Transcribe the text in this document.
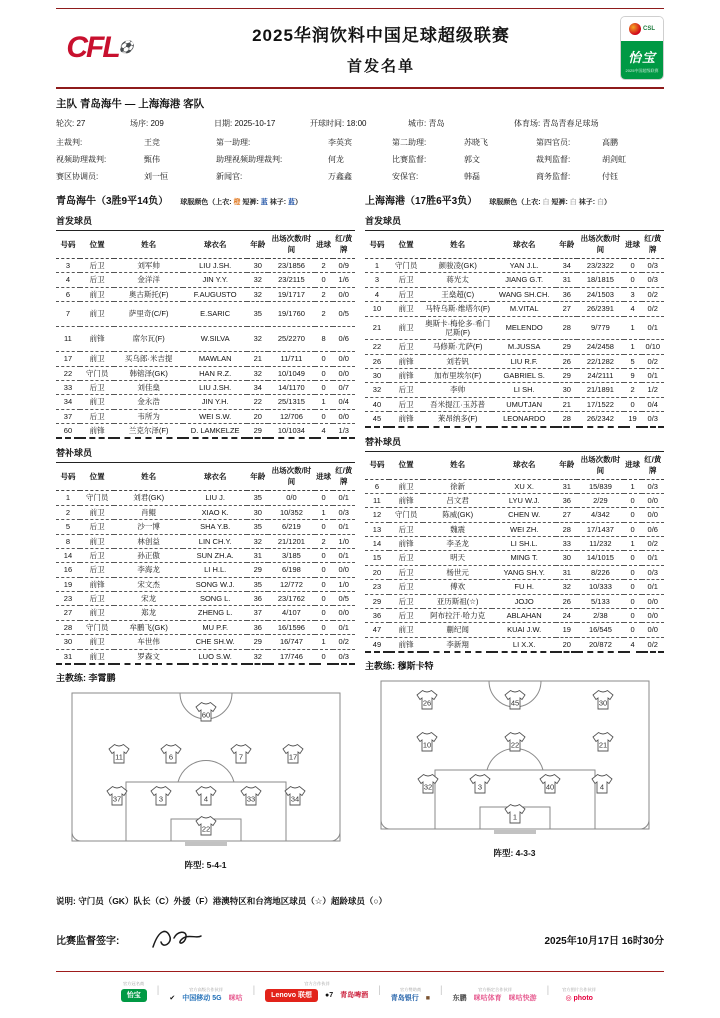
CFL⚽
2025华润饮料中国足球超级联赛
首发名单
CSL
怡宝
2025中国超级联赛
主队 青岛海牛 — 上海海港 客队
轮次: 27	场序: 209	日期: 2025-10-17	开球时间: 18:00	城市: 青岛	体育场: 青岛青春足球场
主裁判:	王竞	第一助理:	李英宾	第二助理:	苏晓飞	第四官员:	高鹏
视频助理裁判:	甄伟	助理视频助理裁判:	何龙	比赛监督:	郭文	裁判监督:	胡剑虹
赛区协调员:	刘一恒	新闻官:	万鑫鑫	安保官:	韩磊	商务监督:	付钰
青岛海牛（3胜9平14负） 球服颜色（上衣: 橙 短裤: 蓝 袜子: 蓝）
首发球员
号码	位置	姓名	球衣名	年龄	出场次数/时间	进球	红/黄牌
3	后卫	刘军帅	LIU J.SH.	30	23/1856	2	0/9
4	后卫	金洋洋	JIN Y.Y.	32	23/2115	0	1/6
6	前卫	奥古斯托(F)	F.AUGUSTO	32	19/1717	2	0/0
7	前卫	萨里奇(C/F)	E.SARIC	35	19/1760	2	0/5
11	前锋	席尔瓦(F)	W.SILVA	32	25/2270	8	0/6
17	前卫	买乌郎·米吉提	MAWLAN	21	11/711	0	0/0
22	守门员	韩镕泽(GK)	HAN R.Z.	32	10/1049	0	0/0
33	后卫	刘佳燊	LIU J.SH.	34	14/1170	0	0/7
34	前卫	金永浩	JIN Y.H.	22	25/1315	1	0/4
37	后卫	韦所为	WEI S.W.	20	12/706	0	0/0
60	前锋	兰克尔泽(F)	D. LAMKELZE	29	10/1034	4	1/3
替补球员
号码	位置	姓名	球衣名	年龄	出场次数/时间	进球	红/黄牌
1	守门员	刘君(GK)	LIU J.	35	0/0	0	0/1
2	前卫	肖鲲	XIAO K.	30	10/352	1	0/3
5	后卫	沙一博	SHA Y.B.	35	6/219	0	0/1
8	前卫	林创益	LIN CH.Y.	32	21/1201	2	1/0
14	后卫	孙正傲	SUN ZH.A.	31	3/185	0	0/1
16	后卫	李海龙	LI H.L.	29	6/198	0	0/0
19	前锋	宋文杰	SONG W.J.	35	12/772	0	1/0
23	后卫	宋龙	SONG L.	36	23/1762	0	0/5
27	前卫	郑龙	ZHENG L.	37	4/107	0	0/0
28	守门员	牟鹏飞(GK)	MU P.F.	36	16/1596	0	0/1
30	前卫	车世伟	CHE SH.W.	29	16/747	1	0/2
31	前卫	罗森文	LUO S.W.	32	17/746	0	0/3
主教练: 李霄鹏
60
11	6	7	17
37	3	4	33	34
22
阵型: 5-4-1
上海海港（17胜6平3负） 球服颜色（上衣: 白 短裤: 白 袜子: 白）
首发球员
号码	位置	姓名	球衣名	年龄	出场次数/时间	进球	红/黄牌
1	守门员	颜骏凌(GK)	YAN J.L.	34	23/2322	0	0/3
3	后卫	蒋光太	JIANG G.T.	31	18/1815	0	0/3
4	后卫	王燊超(C)	WANG SH.CH.	36	24/1503	3	0/2
10	前卫	马特乌斯·维塔尔(F)	M.VITAL	27	26/2391	4	0/2
21	前卫	奥斯卡·梅伦多·希门尼斯(F)	MELENDO	28	9/779	1	0/1
22	后卫	马修斯·尤萨(F)	M.JUSSA	29	24/2458	1	0/10
26	前锋	刘若钒	LIU R.F.	26	22/1282	5	0/2
30	前锋	加布里埃尔(F)	GABRIEL S.	29	24/2111	9	0/1
32	后卫	李帅	LI SH.	30	21/1891	2	1/2
40	后卫	吾米提江·玉苏普	UMUTJAN	21	17/1522	0	0/4
45	前锋	莱昂纳多(F)	LEONARDO	28	26/2342	19	0/3
替补球员
号码	位置	姓名	球衣名	年龄	出场次数/时间	进球	红/黄牌
6	前卫	徐新	XU X.	31	15/839	1	0/3
11	前锋	吕文君	LYU W.J.	36	2/29	0	0/0
12	守门员	陈威(GK)	CHEN W.	27	4/342	0	0/0
13	后卫	魏震	WEI ZH.	28	17/1437	0	0/6
14	前锋	李圣龙	LI SH.L.	33	11/232	1	0/2
15	后卫	明天	MING T.	30	14/1015	0	0/1
20	后卫	杨世元	YANG SH.Y.	31	8/226	0	0/3
23	后卫	傅欢	FU H.	32	10/333	0	0/1
29	后卫	亚历斯祖(☆)	JOJO	26	5/133	0	0/0
36	后卫	阿布拉汗·哈力克	ABLAHAN	24	2/38	0	0/0
47	前卫	蒯纪闻	KUAI J.W.	19	16/545	0	0/0
49	前锋	李新翔	LI X.X.	20	20/872	4	0/2
主教练: 穆斯卡特
26	45	30
10	22	21
32	3	40	4
1
阵型: 4-3-3
说明: 守门员（GK）队长（C）外援（F）港澳特区和台湾地区球员（☆）超龄球员（○）
比赛监督签字:	2025年10月17日 16时30分
官方冠名商
怡宝	|	官方高级合作伙伴
✔ 中国移动 5G 咪咕
|
官方合作伙伴
Lenovo 联想	●7 青岛啤酒 |	官方赞助商
青岛银行 ■
|	官方指定合作伙伴
东鹏 咪咕体育 咪咕快游
|	官方图片合作伙伴
◎ photo
